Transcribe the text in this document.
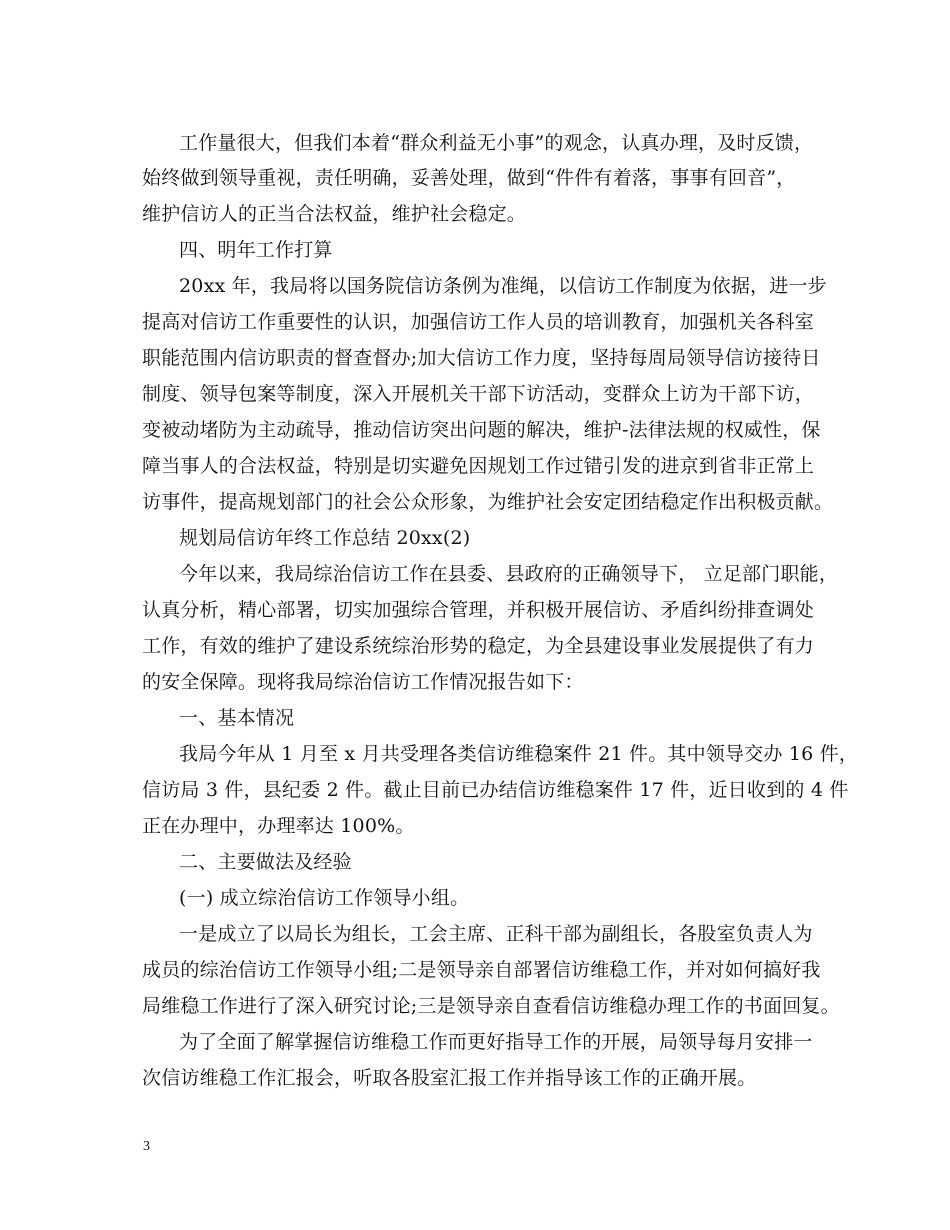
工作量很大，但我们本着“群众利益无小事”的观念，认真办理，及时反馈，
始终做到领导重视，责任明确，妥善处理，做到“件件有着落，事事有回音”，
维护信访人的正当合法权益，维护社会稳定。
四、明年工作打算
20xx 年，我局将以国务院信访条例为准绳，以信访工作制度为依据，进一步
提高对信访工作重要性的认识，加强信访工作人员的培训教育，加强机关各科室
职能范围内信访职责的督查督办;加大信访工作力度，坚持每周局领导信访接待日
制度、领导包案等制度，深入开展机关干部下访活动，变群众上访为干部下访，
变被动堵防为主动疏导，推动信访突出问题的解决，维护-法律法规的权威性，保
障当事人的合法权益，特别是切实避免因规划工作过错引发的进京到省非正常上
访事件，提高规划部门的社会公众形象，为维护社会安定团结稳定作出积极贡献。
规划局信访年终工作总结 20xx(2)
今年以来，我局综治信访工作在县委、县政府的正确领导下， 立足部门职能，
认真分析，精心部署，切实加强综合管理，并积极开展信访、矛盾纠纷排查调处
工作，有效的维护了建设系统综治形势的稳定，为全县建设事业发展提供了有力
的安全保障。现将我局综治信访工作情况报告如下：
一、基本情况
我局今年从 1 月至 x 月共受理各类信访维稳案件 21 件。其中领导交办 16 件，
信访局 3 件，县纪委 2 件。截止目前已办结信访维稳案件 17 件，近日收到的 4 件
正在办理中，办理率达 100%。
二、主要做法及经验
(一) 成立综治信访工作领导小组。
一是成立了以局长为组长，工会主席、正科干部为副组长，各股室负责人为
成员的综治信访工作领导小组;二是领导亲自部署信访维稳工作，并对如何搞好我
局维稳工作进行了深入研究讨论;三是领导亲自查看信访维稳办理工作的书面回复。
为了全面了解掌握信访维稳工作而更好指导工作的开展，局领导每月安排一
次信访维稳工作汇报会，听取各股室汇报工作并指导该工作的正确开展。
3
